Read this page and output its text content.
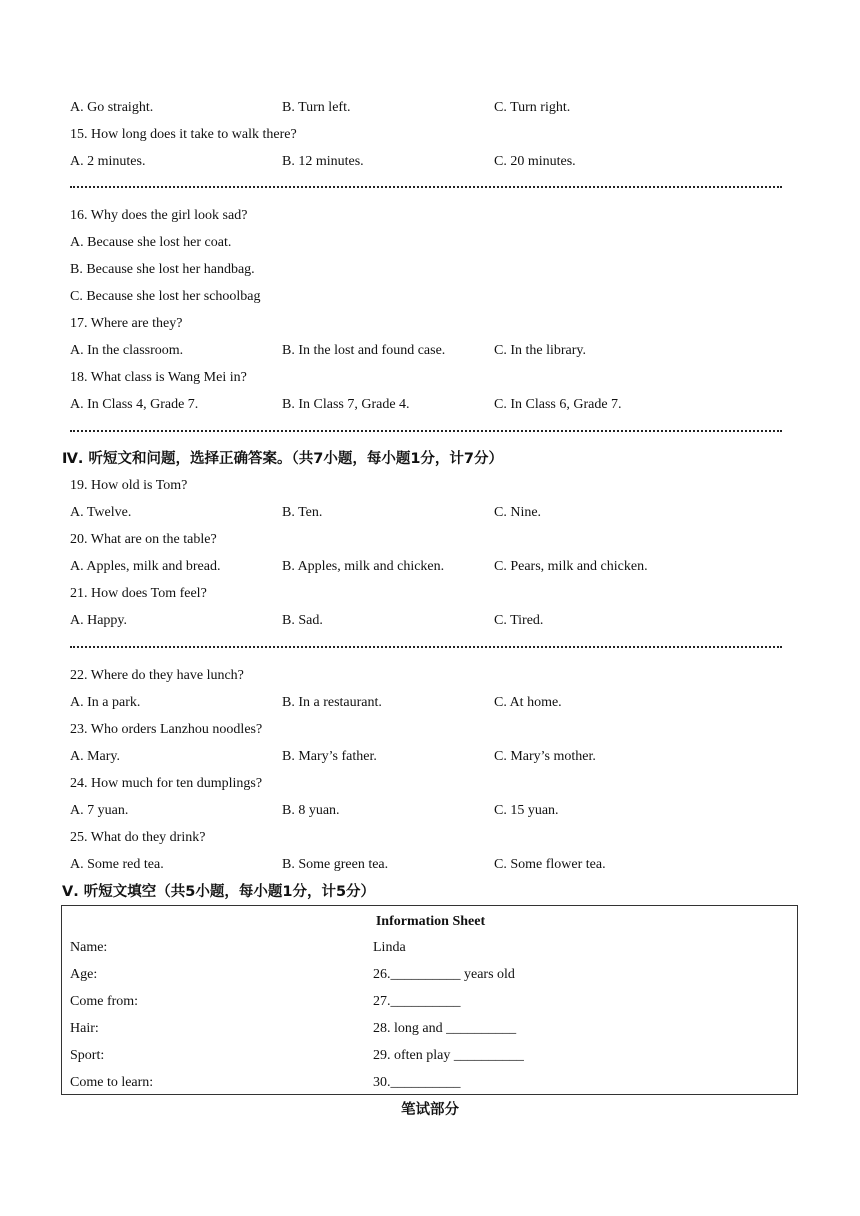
A. Go straight.	B. Turn left.	C. Turn right.
15. How long does it take to walk there?
A. 2 minutes.	B. 12 minutes.	C. 20 minutes.
16. Why does the girl look sad?
A. Because she lost her coat.
B. Because she lost her handbag.
C. Because she lost her schoolbag
17. Where are they?
A. In the classroom.	B. In the lost and found case.	C. In the library.
18. What class is Wang Mei in?
A. In Class 4, Grade 7.	B. In Class 7, Grade 4.	C. In Class 6, Grade 7.
Ⅳ. 听短文和问题，选择正确答案。（共7小题，每小题1分，计7分）
19. How old is Tom?
A. Twelve.	B. Ten.	C. Nine.
20. What are on the table?
A. Apples, milk and bread.	B. Apples, milk and chicken.	C. Pears, milk and chicken.
21. How does Tom feel?
A. Happy.	B. Sad.	C. Tired.
22. Where do they have lunch?
A. In a park.	B. In a restaurant.	C. At home.
23. Who orders Lanzhou noodles?
A. Mary.	B. Mary’s father.	C. Mary’s mother.
24. How much for ten dumplings?
A. 7 yuan.	B. 8 yuan.	C. 15 yuan.
25. What do they drink?
A. Some red tea.	B. Some green tea.	C. Some flower tea.
Ⅴ. 听短文填空（共5小题，每小题1分，计5分）
Information Sheet
Name:	Linda
Age:	26.__________ years old
Come from:	27.__________
Hair:	28. long and __________
Sport:	29. often play __________
Come to learn:	30.__________
笔试部分
